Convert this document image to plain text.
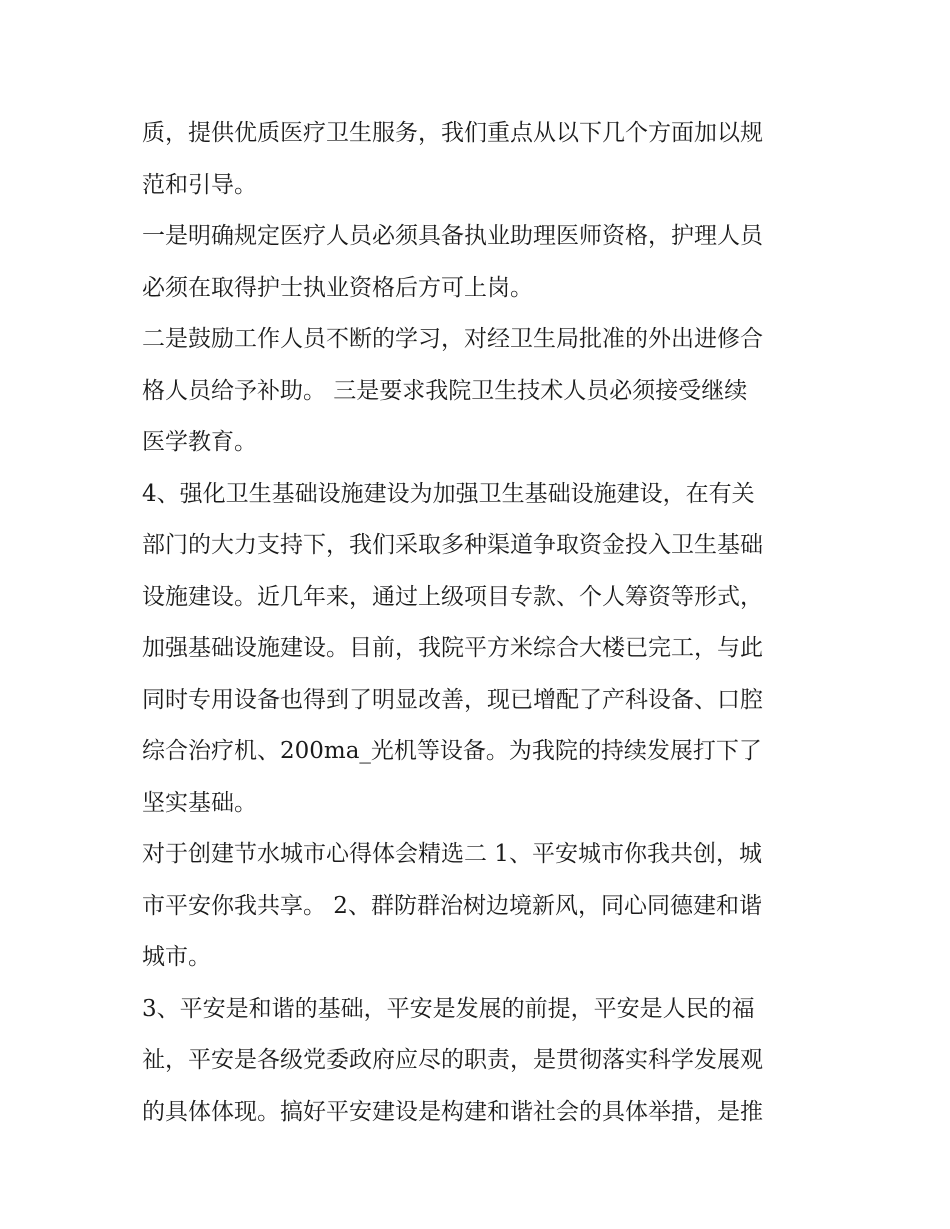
质，提供优质医疗卫生服务，我们重点从以下几个方面加以规
范和引导。
一是明确规定医疗人员必须具备执业助理医师资格，护理人员
必须在取得护士执业资格后方可上岗。
二是鼓励工作人员不断的学习，对经卫生局批准的外出进修合
格人员给予补助。 三是要求我院卫生技术人员必须接受继续
医学教育。
4、强化卫生基础设施建设为加强卫生基础设施建设，在有关
部门的大力支持下，我们采取多种渠道争取资金投入卫生基础
设施建设。近几年来，通过上级项目专款、个人筹资等形式，
加强基础设施建设。目前，我院平方米综合大楼已完工，与此
同时专用设备也得到了明显改善，现已增配了产科设备、口腔
综合治疗机、200ma_光机等设备。为我院的持续发展打下了
坚实基础。
对于创建节水城市心得体会精选二 1、平安城市你我共创，城
市平安你我共享。 2、群防群治树边境新风，同心同德建和谐
城市。
3、平安是和谐的基础，平安是发展的前提，平安是人民的福
祉，平安是各级党委政府应尽的职责，是贯彻落实科学发展观
的具体体现。搞好平安建设是构建和谐社会的具体举措，是推
